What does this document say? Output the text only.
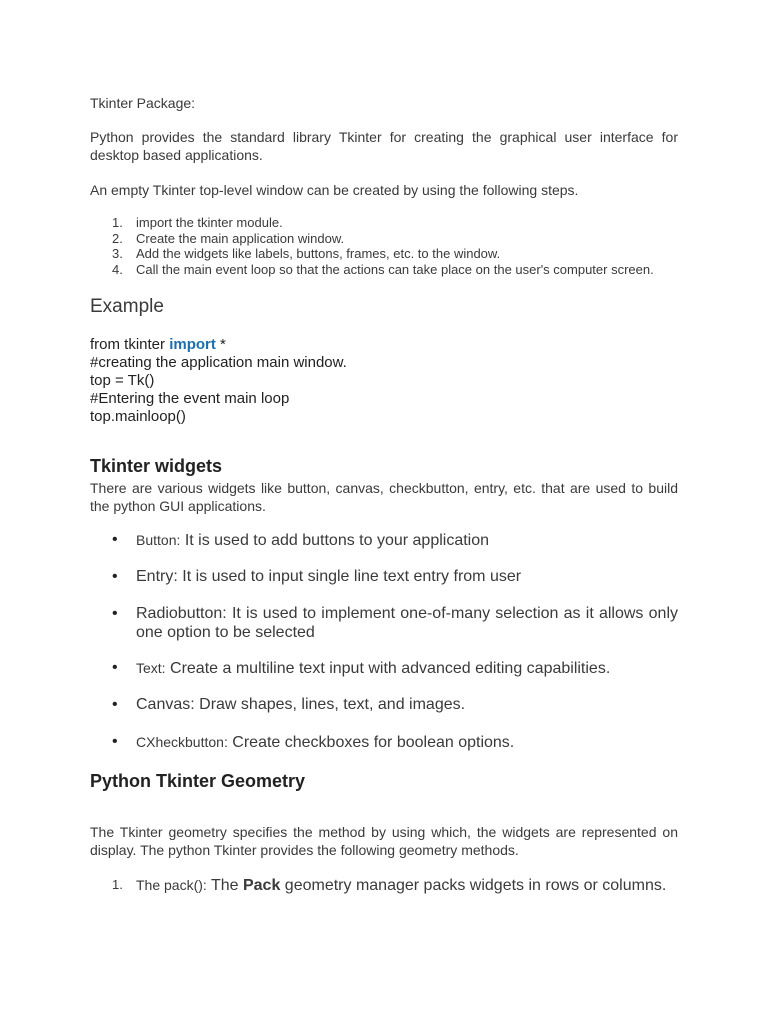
Tkinter Package:
Python provides the standard library Tkinter for creating the graphical user interface for desktop based applications.
An empty Tkinter top-level window can be created by using the following steps.
1.	import the tkinter module.
2.	Create the main application window.
3.	Add the widgets like labels, buttons, frames, etc. to the window.
4.	Call the main event loop so that the actions can take place on the user's computer screen.
Example
from tkinter import *
#creating the application main window.
top = Tk()
#Entering the event main loop
top.mainloop()
Tkinter widgets
There are various widgets like button, canvas, checkbutton, entry, etc. that are used to build the python GUI applications.
•	Button: It is used to add buttons to your application
•	Entry: It is used to input single line text entry from user
•	Radiobutton: It is used to implement one-of-many selection as it allows only one option to be selected
•	Text: Create a multiline text input with advanced editing capabilities.
•	Canvas: Draw shapes, lines, text, and images.
•	CXheckbutton: Create checkboxes for boolean options.
Python Tkinter Geometry
The Tkinter geometry specifies the method by using which, the widgets are represented on display. The python Tkinter provides the following geometry methods.
1. The pack(): The Pack geometry manager packs widgets in rows or columns.
